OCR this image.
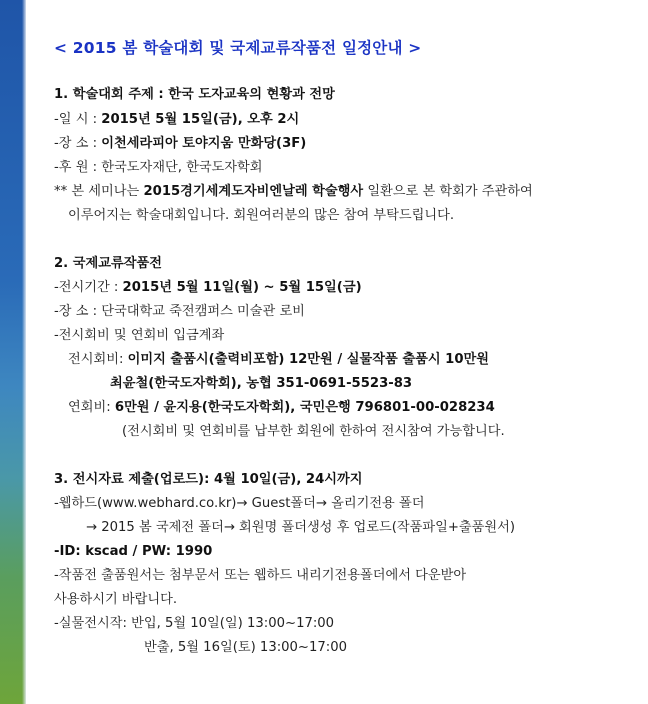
< 2015 봄 학술대회 및 국제교류작품전 일정안내 >
1. 학술대회 주제 : 한국 도자교육의 현황과 전망
-일 시 : 2015년 5월 15일(금), 오후 2시
-장 소 : 이천세라피아 토야지움 만화당(3F)
-후 원 : 한국도자재단, 한국도자학회
** 본 세미나는 2015경기세계도자비엔날레 학술행사 일환으로 본 학회가 주관하여
이루어지는 학술대회입니다. 회원여러분의 많은 참여 부탁드립니다.
2. 국제교류작품전
-전시기간 : 2015년 5월 11일(월) ~ 5월 15일(금)
-장 소 : 단국대학교 죽전캠퍼스 미술관 로비
-전시회비 및 연회비 입금계좌
전시회비: 이미지 출품시(출력비포함) 12만원 / 실물작품 출품시 10만원
최윤철(한국도자학회), 농협 351-0691-5523-83
연회비: 6만원 / 윤지용(한국도자학회), 국민은행 796801-00-028234
(전시회비 및 연회비를 납부한 회원에 한하여 전시참여 가능합니다.
3. 전시자료 제출(업로드): 4월 10일(금), 24시까지
-웹하드(www.webhard.co.kr)→ Guest폴더→ 올리기전용 폴더
→ 2015 봄 국제전 폴더→ 회원명 폴더생성 후 업로드(작품파일+출품원서)
-ID: kscad / PW: 1990
-작품전 출품원서는 첨부문서 또는 웹하드 내리기전용폴더에서 다운받아
사용하시기 바랍니다.
-실물전시작: 반입, 5월 10일(일) 13:00~17:00
반출, 5월 16일(토) 13:00~17:00
